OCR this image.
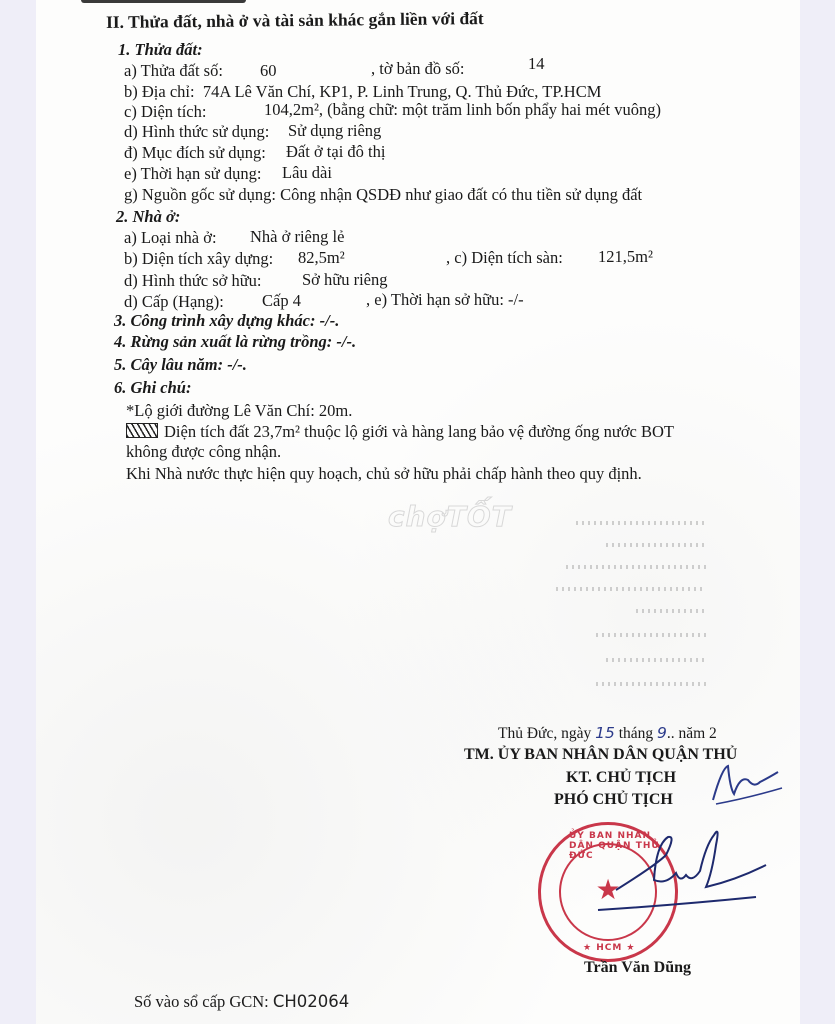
II. Thửa đất, nhà ở và tài sản khác gắn liền với đất
1. Thửa đất:
a) Thửa đất số: 60	, tờ bản đồ số:	14
b) Địa chỉ: 74A Lê Văn Chí, KP1, P. Linh Trung, Q. Thủ Đức, TP.HCM
c) Diện tích:	104,2m², (bằng chữ: một trăm linh bốn phẩy hai mét vuông)
d) Hình thức sử dụng: Sử dụng riêng
đ) Mục đích sử dụng: Đất ở tại đô thị
e) Thời hạn sử dụng: Lâu dài
g) Nguồn gốc sử dụng: Công nhận QSDĐ như giao đất có thu tiền sử dụng đất
2. Nhà ở:
a) Loại nhà ở: Nhà ở riêng lẻ
b) Diện tích xây dựng: 82,5m²	, c) Diện tích sàn: 121,5m²
d) Hình thức sở hữu: Sở hữu riêng
d) Cấp (Hạng): Cấp 4	, e) Thời hạn sở hữu: -/-
3. Công trình xây dựng khác: -/-.
4. Rừng sản xuất là rừng trồng: -/-.
5. Cây lâu năm: -/-.
6. Ghi chú:
*Lộ giới đường Lê Văn Chí: 20m.
Diện tích đất 23,7m² thuộc lộ giới và hàng lang bảo vệ đường ống nước BOT
không được công nhận.
Khi Nhà nước thực hiện quy hoạch, chủ sở hữu phải chấp hành theo quy định.
chợTỐT
Thủ Đức, ngày 15 tháng 9.. năm 2
TM. ỦY BAN NHÂN DÂN QUẬN THỦ
KT. CHỦ TỊCH
PHÓ CHỦ TỊCH
★
ỦY BAN NHÂN DÂN QUẬN THỦ ĐỨC
★ HCM ★
Trần Văn Dũng
Số vào sổ cấp GCN: CH02064
